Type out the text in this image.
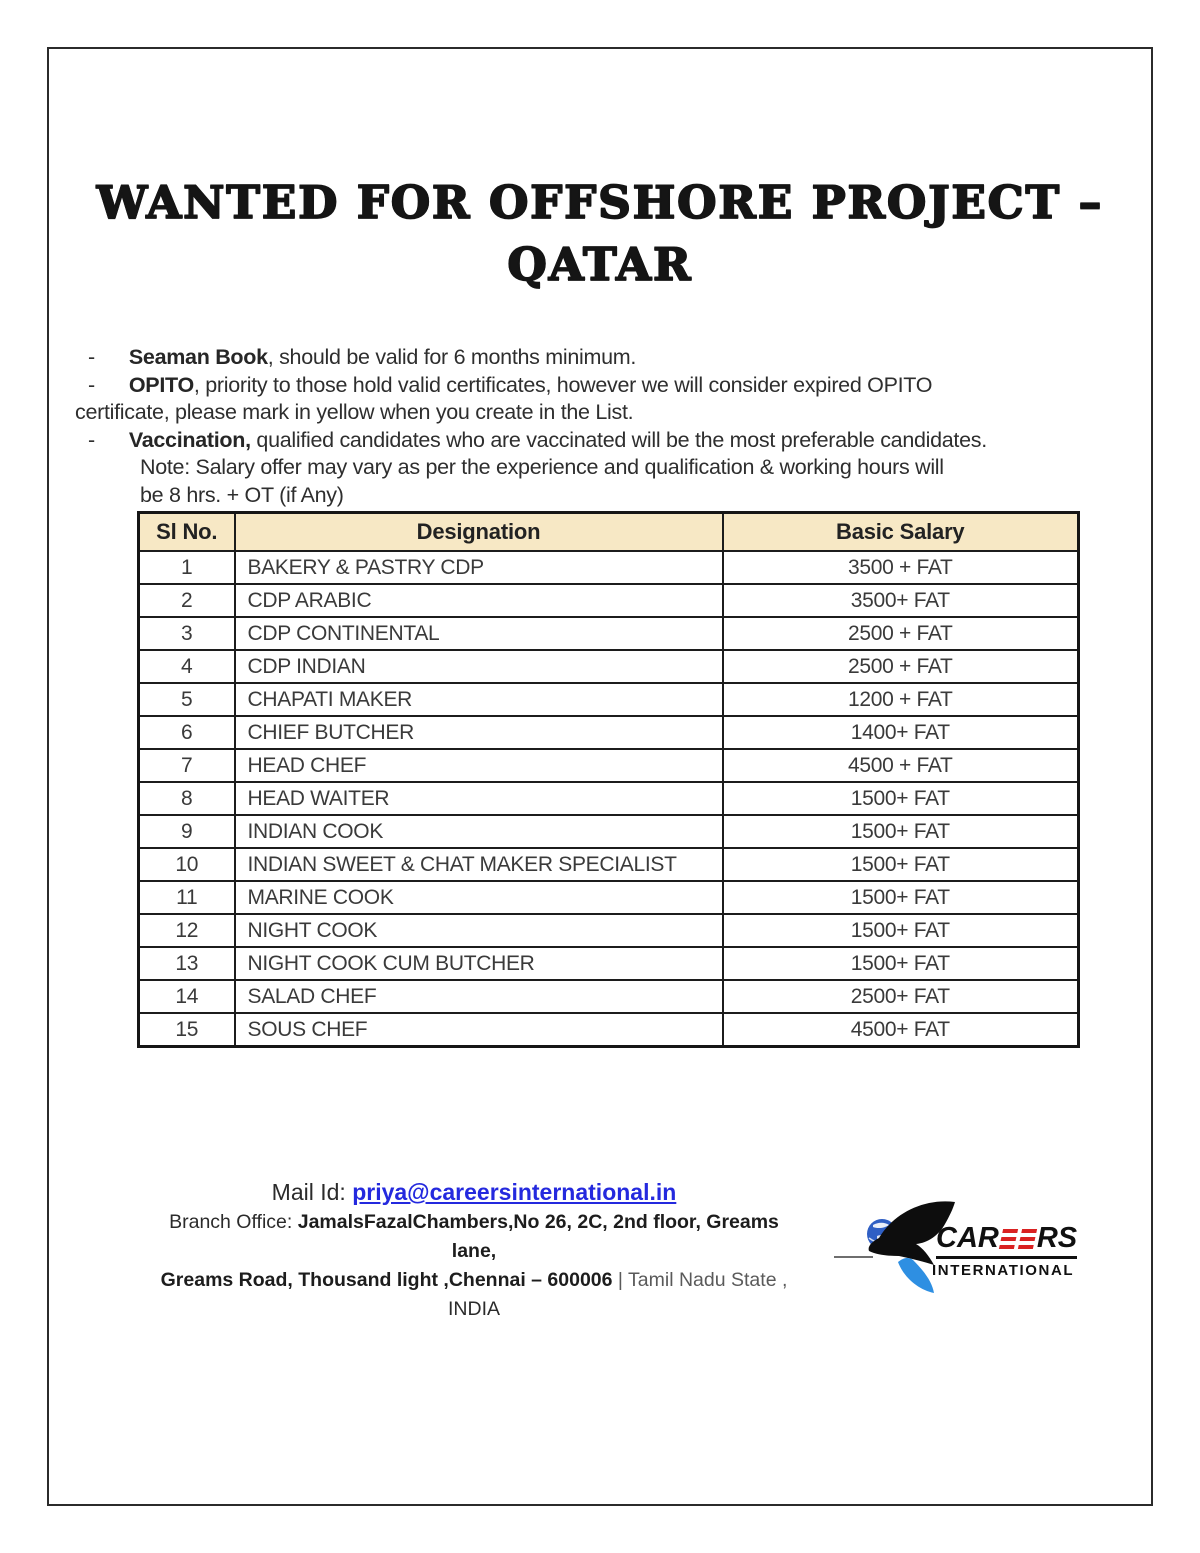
WANTED FOR OFFSHORE PROJECT –
QATAR

- Seaman Book, should be valid for 6 months minimum.

- OPITO, priority to those hold valid certificates, however we will consider expired OPITO
certificate, please mark in yellow when you create in the List.

- Vaccination, qualified candidates who are vaccinated will be the most preferable candidates.

Note: Salary offer may vary as per the experience and qualification & working hours will
be 8 hrs. + OT (if Any)

Sl No.	Designation	Basic Salary
1	BAKERY & PASTRY CDP	3500 + FAT
2	CDP ARABIC	3500+ FAT
3	CDP CONTINENTAL	2500 + FAT
4	CDP INDIAN	2500 + FAT
5	CHAPATI MAKER	1200 + FAT
6	CHIEF BUTCHER	1400+ FAT
7	HEAD CHEF	4500 + FAT
8	HEAD WAITER	1500+ FAT
9	INDIAN COOK	1500+ FAT
10	INDIAN SWEET & CHAT MAKER SPECIALIST	1500+ FAT
11	MARINE COOK	1500+ FAT
12	NIGHT COOK	1500+ FAT
13	NIGHT COOK CUM BUTCHER	1500+ FAT
14	SALAD CHEF	2500+ FAT
15	SOUS CHEF	4500+ FAT
Mail Id: priya@careersinternational.in
Branch Office: JamalsFazalChambers,No 26, 2C, 2nd floor, Greams lane,
Greams Road, Thousand light ,Chennai – 600006 | Tamil Nadu State ,
INDIA
CAR RS
INTERNATIONAL
